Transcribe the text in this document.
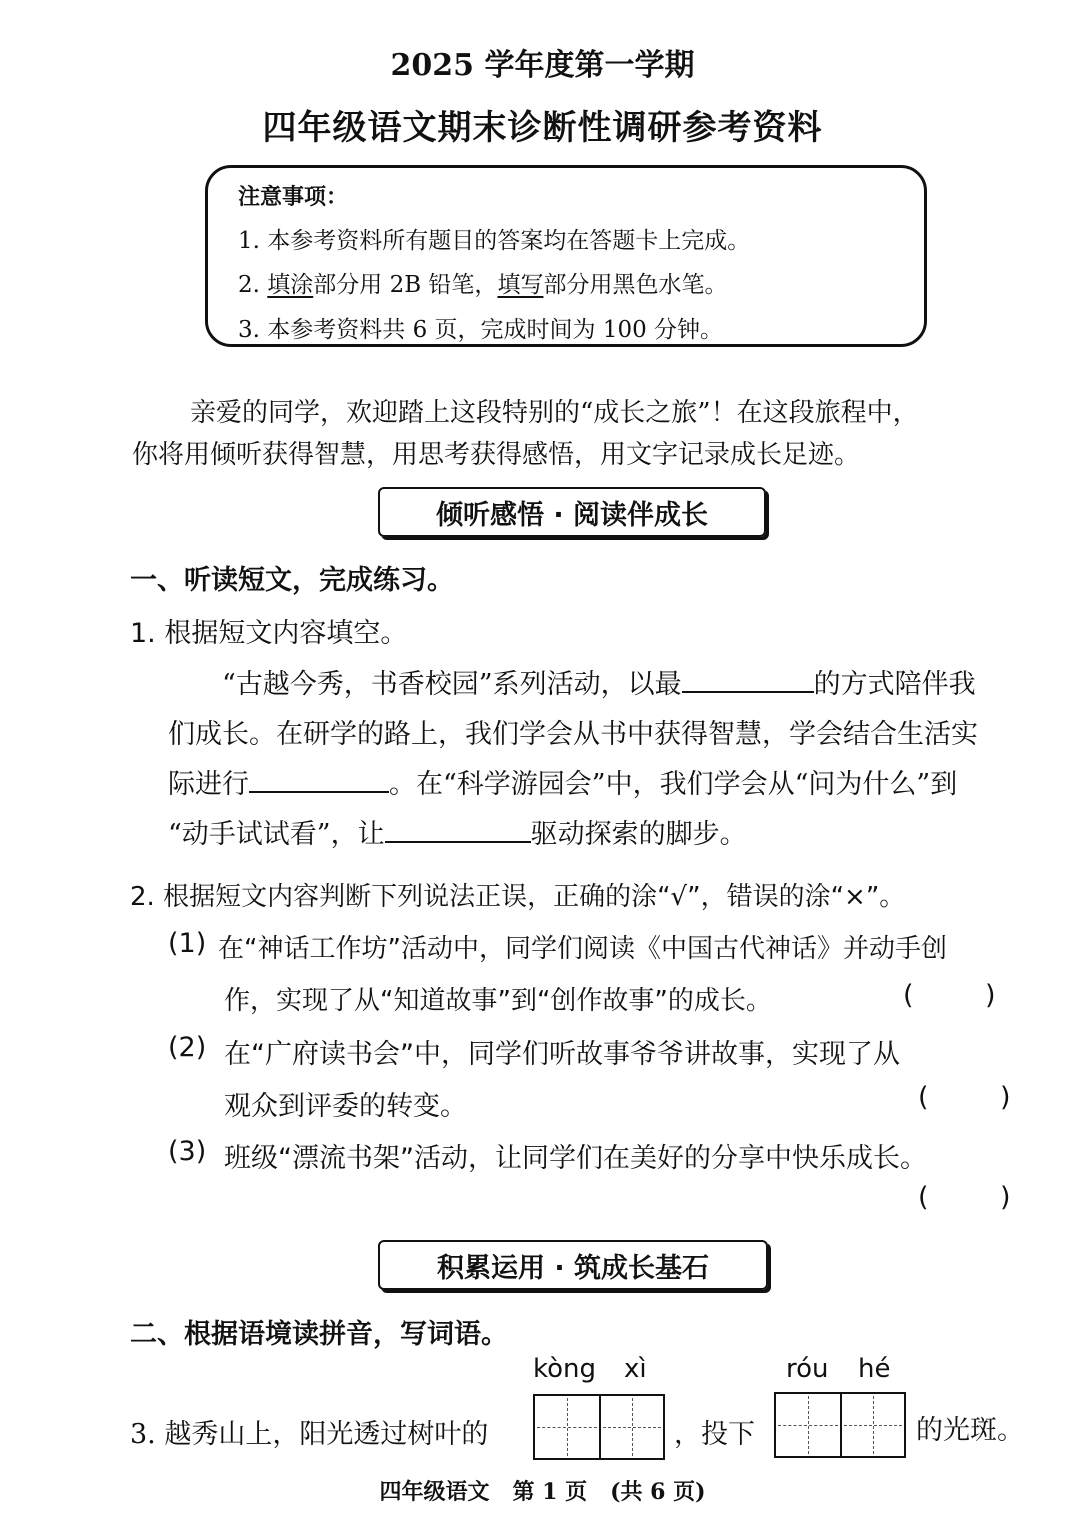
2025 学年度第一学期
四年级语文期末诊断性调研参考资料
注意事项：
1. 本参考资料所有题目的答案均在答题卡上完成。
2. 填涂部分用 2B 铅笔，填写部分用黑色水笔。
3. 本参考资料共 6 页，完成时间为 100 分钟。
亲爱的同学，欢迎踏上这段特别的“成长之旅”！在这段旅程中，
你将用倾听获得智慧，用思考获得感悟，用文字记录成长足迹。
倾听感悟 · 阅读伴成长
一、听读短文，完成练习。
1. 根据短文内容填空。
“古越今秀，书香校园”系列活动，以最	的方式陪伴我
们成长。在研学的路上，我们学会从书中获得智慧，学会结合生活实
际进行	。在“科学游园会”中，我们学会从“问为什么”到
“动手试试看”，让	驱动探索的脚步。
2. 根据短文内容判断下列说法正误，正确的涂“√”，错误的涂“×”。
(1) 在“神话工作坊”活动中，同学们阅读《中国古代神话》并动手创
作，实现了从“知道故事”到“创作故事”的成长。	(	)
(2) 在“广府读书会”中，同学们听故事爷爷讲故事，实现了从
观众到评委的转变。	(	)
(3) 班级“漂流书架”活动，让同学们在美好的分享中快乐成长。
(	)
积累运用 · 筑成长基石
二、根据语境读拼音，写词语。
kòng xì	róu hé
3. 越秀山上，阳光透过树叶的	，投下	的光斑。
四年级语文 第 1 页 (共 6 页)
